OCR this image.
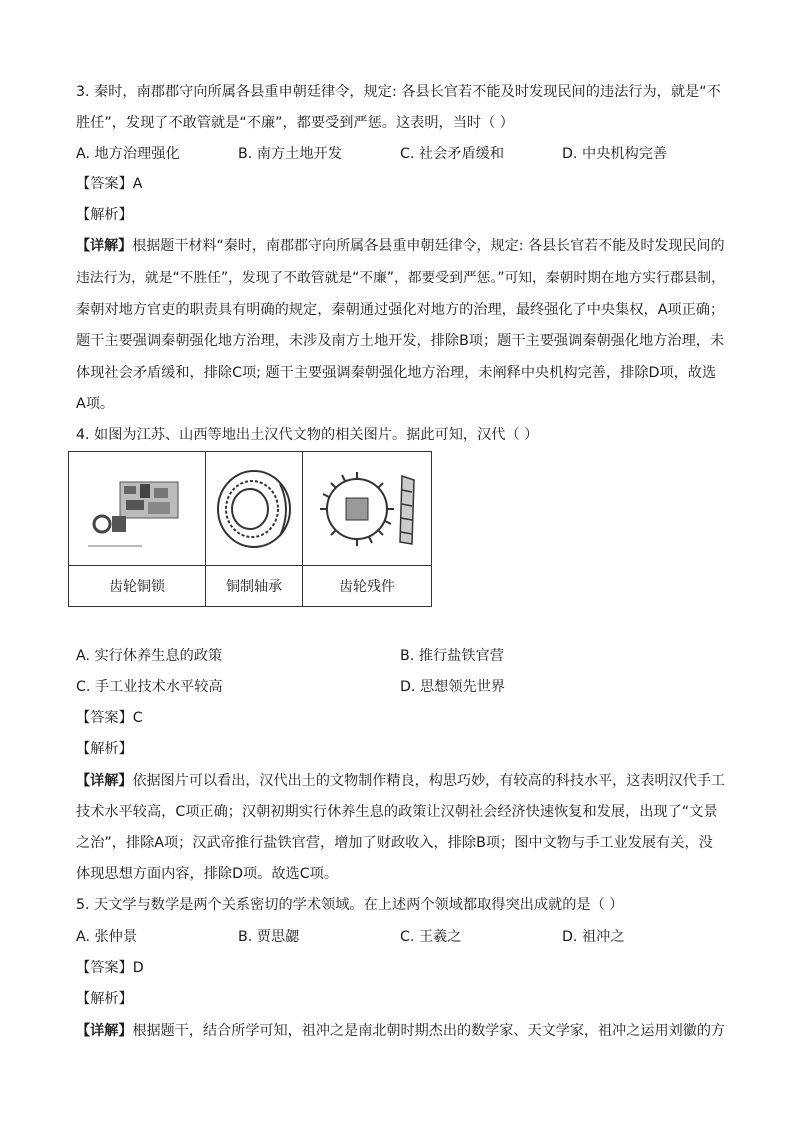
3. 秦时，南郡郡守向所属各县重申朝廷律令，规定: 各县长官若不能及时发现民间的违法行为，就是“不
胜任”，发现了不敢管就是“不廉”，都要受到严惩。这表明，当时（ ）
A. 地方治理强化	B. 南方土地开发	C. 社会矛盾缓和	D. 中央机构完善
【答案】A
【解析】
【详解】根据题干材料“秦时，南郡郡守向所属各县重申朝廷律令，规定: 各县长官若不能及时发现民间的
违法行为，就是“不胜任”，发现了不敢管就是“不廉”，都要受到严惩。”可知，秦朝时期在地方实行郡县制，
秦朝对地方官吏的职责具有明确的规定，秦朝通过强化对地方的治理，最终强化了中央集权，A项正确；
题干主要强调秦朝强化地方治理，未涉及南方土地开发，排除B项；题干主要强调秦朝强化地方治理，未
体现社会矛盾缓和，排除C项; 题干主要强调秦朝强化地方治理，未阐释中央机构完善，排除D项，故选
A项。
4. 如图为江苏、山西等地出土汉代文物的相关图片。据此可知，汉代（ ）

齿轮铜锁	铜制轴承	齿轮残件
A. 实行休养生息的政策	B. 推行盐铁官营
C. 手工业技术水平较高	D. 思想领先世界
【答案】C
【解析】
【详解】依据图片可以看出，汉代出土的文物制作精良，构思巧妙，有较高的科技水平，这表明汉代手工
技术水平较高，C项正确；汉朝初期实行休养生息的政策让汉朝社会经济快速恢复和发展，出现了“文景
之治”，排除A项；汉武帝推行盐铁官营，增加了财政收入，排除B项；图中文物与手工业发展有关，没
体现思想方面内容，排除D项。故选C项。
5. 天文学与数学是两个关系密切的学术领域。在上述两个领域都取得突出成就的是（ ）
A. 张仲景	B. 贾思勰	C. 王羲之	D. 祖冲之
【答案】D
【解析】
【详解】根据题干，结合所学可知，祖冲之是南北朝时期杰出的数学家、天文学家，祖冲之运用刘徽的方
